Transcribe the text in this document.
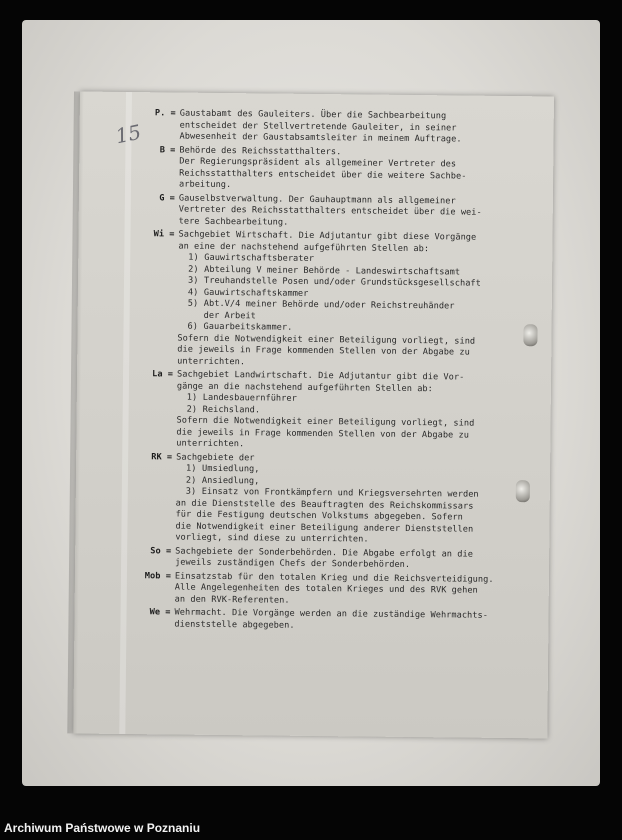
15
P. =	Gaustabamt des Gauleiters. Über die Sachbearbeitung
entscheidet der Stellvertretende Gauleiter, in seiner
Abwesenheit der Gaustabsamtsleiter in meinem Auftrage.
B =	Behörde des Reichsstatthalters.
Der Regierungspräsident als allgemeiner Vertreter des
Reichsstatthalters entscheidet über die weitere Sachbe-
arbeitung.
G =	Gauselbstverwaltung. Der Gauhauptmann als allgemeiner
Vertreter des Reichsstatthalters entscheidet über die wei-
tere Sachbearbeitung.
Wi =	Sachgebiet Wirtschaft. Die Adjutantur gibt diese Vorgänge
an eine der nachstehend aufgeführten Stellen ab:
1) Gauwirtschaftsberater
2) Abteilung V meiner Behörde - Landeswirtschaftsamt
3) Treuhandstelle Posen und/oder Grundstücksgesellschaft
4) Gauwirtschaftskammer
5) Abt.V/4 meiner Behörde und/oder Reichstreuhänder
der Arbeit
6) Gauarbeitskammer.
Sofern die Notwendigkeit einer Beteiligung vorliegt, sind
die jeweils in Frage kommenden Stellen von der Abgabe zu
unterrichten.
La =	Sachgebiet Landwirtschaft. Die Adjutantur gibt die Vor-
gänge an die nachstehend aufgeführten Stellen ab:
1) Landesbauernführer
2) Reichsland.
Sofern die Notwendigkeit einer Beteiligung vorliegt, sind
die jeweils in Frage kommenden Stellen von der Abgabe zu
unterrichten.
RK =	Sachgebiete der
1) Umsiedlung,
2) Ansiedlung,
3) Einsatz von Frontkämpfern und Kriegsversehrten werden
an die Dienststelle des Beauftragten des Reichskommissars
für die Festigung deutschen Volkstums abgegeben. Sofern
die Notwendigkeit einer Beteiligung anderer Dienststellen
vorliegt, sind diese zu unterrichten.
So =	Sachgebiete der Sonderbehörden. Die Abgabe erfolgt an die
jeweils zuständigen Chefs der Sonderbehörden.
Mob =	Einsatzstab für den totalen Krieg und die Reichsverteidigung.
Alle Angelegenheiten des totalen Krieges und des RVK gehen
an den RVK-Referenten.
We =	Wehrmacht. Die Vorgänge werden an die zuständige Wehrmachts-
dienststelle abgegeben.
Archiwum Państwowe w Poznaniu
